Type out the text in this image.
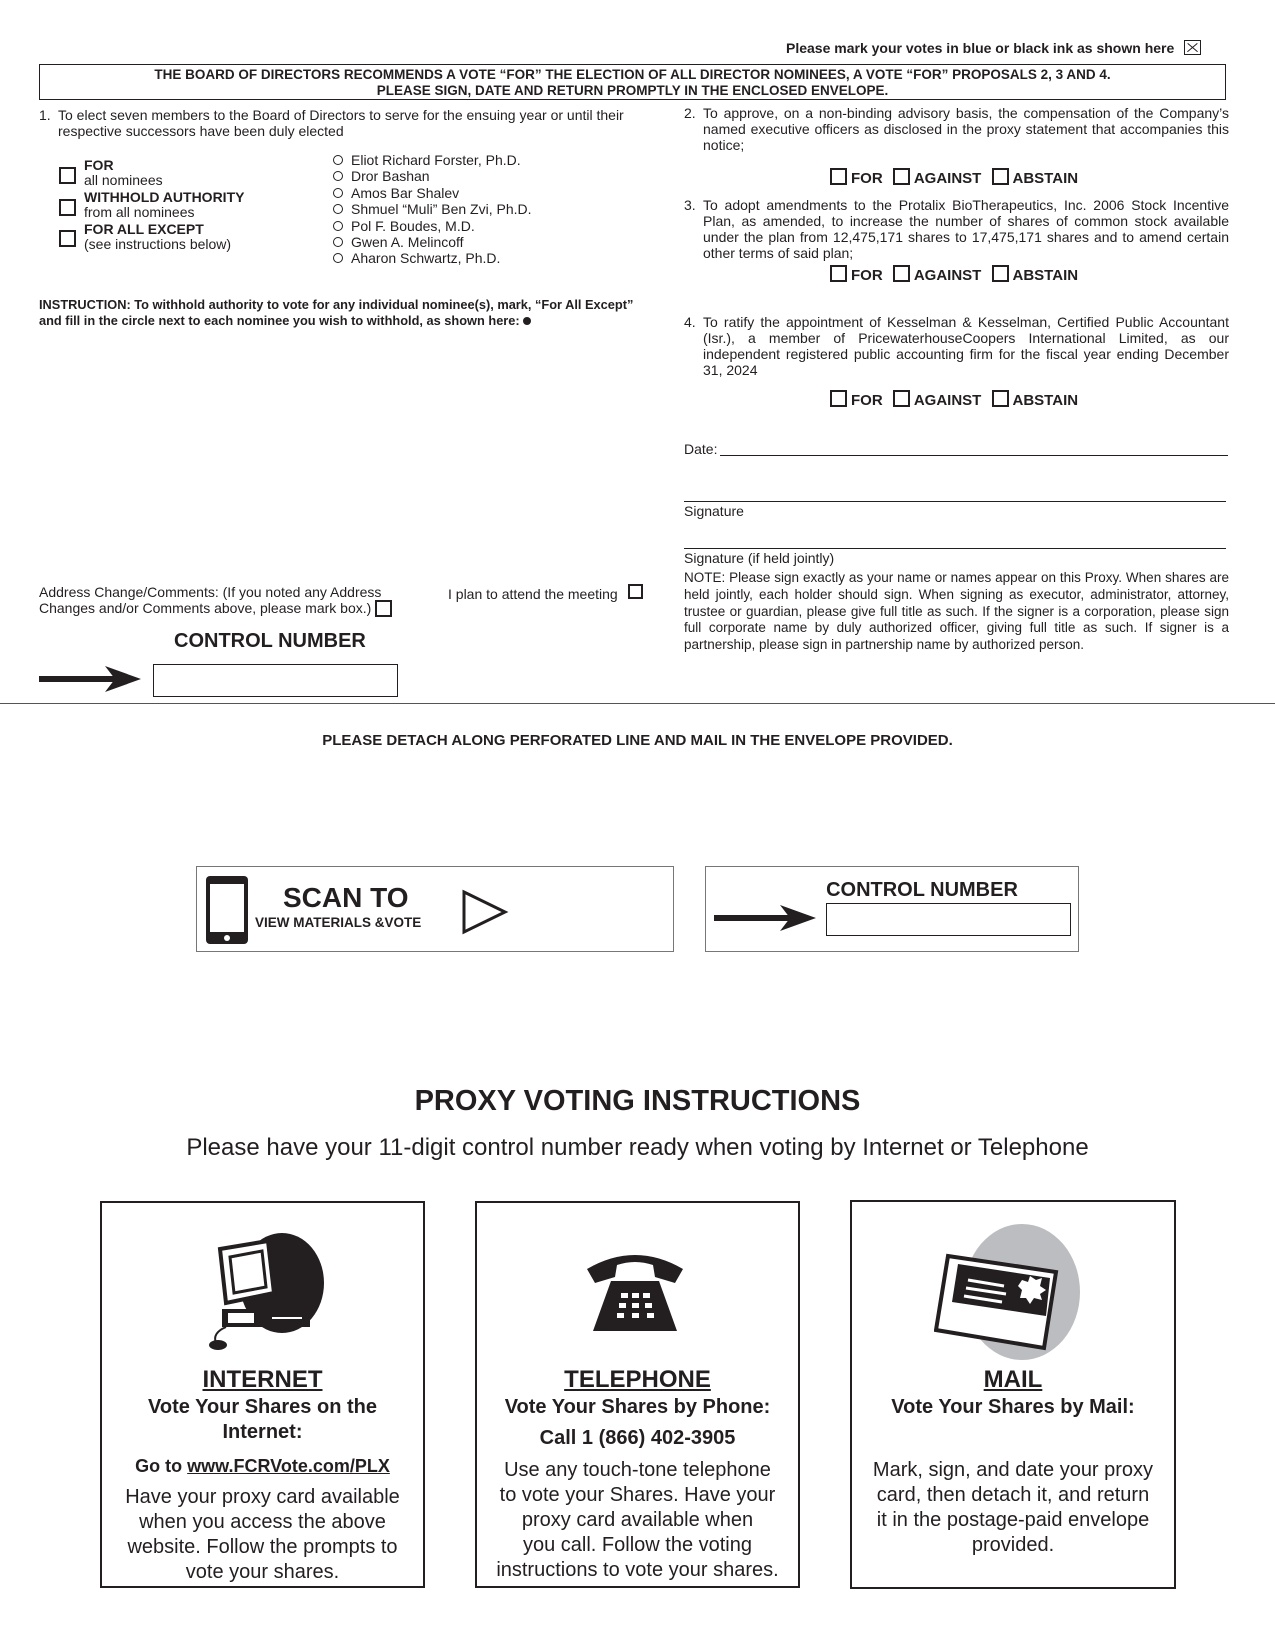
Please mark your votes in blue or black ink as shown here
THE BOARD OF DIRECTORS RECOMMENDS A VOTE “FOR” THE ELECTION OF ALL DIRECTOR NOMINEES, A VOTE “FOR” PROPOSALS 2, 3 AND 4.
PLEASE SIGN, DATE AND RETURN PROMPTLY IN THE ENCLOSED ENVELOPE.
1. To elect seven members to the Board of Directors to serve for the ensuing year or until their respective successors have been duly elected
FOR
all nominees
WITHHOLD AUTHORITY
from all nominees
FOR ALL EXCEPT
(see instructions below)
Eliot Richard Forster, Ph.D.
Dror Bashan
Amos Bar Shalev
Shmuel “Muli” Ben Zvi, Ph.D.
Pol F. Boudes, M.D.
Gwen A. Melincoff
Aharon Schwartz, Ph.D.
INSTRUCTION: To withhold authority to vote for any individual nominee(s), mark, “For All Except” and fill in the circle next to each nominee you wish to withhold, as shown here:
2. To approve, on a non-binding advisory basis, the compensation of the Company’s named executive officers as disclosed in the proxy statement that accompanies this notice;
FOR AGAINST ABSTAIN
3. To adopt amendments to the Protalix BioTherapeutics, Inc. 2006 Stock Incentive Plan, as amended, to increase the number of shares of common stock available under the plan from 12,475,171 shares to 17,475,171 shares and to amend certain other terms of said plan;
FOR AGAINST ABSTAIN
4. To ratify the appointment of Kesselman & Kesselman, Certified Public Accountant (Isr.), a member of PricewaterhouseCoopers International Limited, as our independent registered public accounting firm for the fiscal year ending December 31, 2024
FOR AGAINST ABSTAIN
Date:
Signature
Signature (if held jointly)
NOTE: Please sign exactly as your name or names appear on this Proxy. When shares are held jointly, each holder should sign. When signing as executor, administrator, attorney, trustee or guardian, please give full title as such. If the signer is a corporation, please sign full corporate name by duly authorized officer, giving full title as such. If signer is a partnership, please sign in partnership name by authorized person.
Address Change/Comments: (If you noted any Address
Changes and/or Comments above, please mark box.)
I plan to attend the meeting
CONTROL NUMBER
PLEASE DETACH ALONG PERFORATED LINE AND MAIL IN THE ENVELOPE PROVIDED.
SCAN TO
VIEW MATERIALS &VOTE
CONTROL NUMBER
PROXY VOTING INSTRUCTIONS
Please have your 11-digit control number ready when voting by Internet or Telephone
INTERNET
Vote Your Shares on the
Internet:
Go to www.FCRVote.com/PLX
Have your proxy card available
when you access the above
website. Follow the prompts to
vote your shares.
TELEPHONE
Vote Your Shares by Phone:
Call 1 (866) 402-3905
Use any touch-tone telephone
to vote your Shares. Have your
proxy card available when
you call. Follow the voting
instructions to vote your shares.
MAIL
Vote Your Shares by Mail:
Mark, sign, and date your proxy
card, then detach it, and return
it in the postage-paid envelope
provided.
